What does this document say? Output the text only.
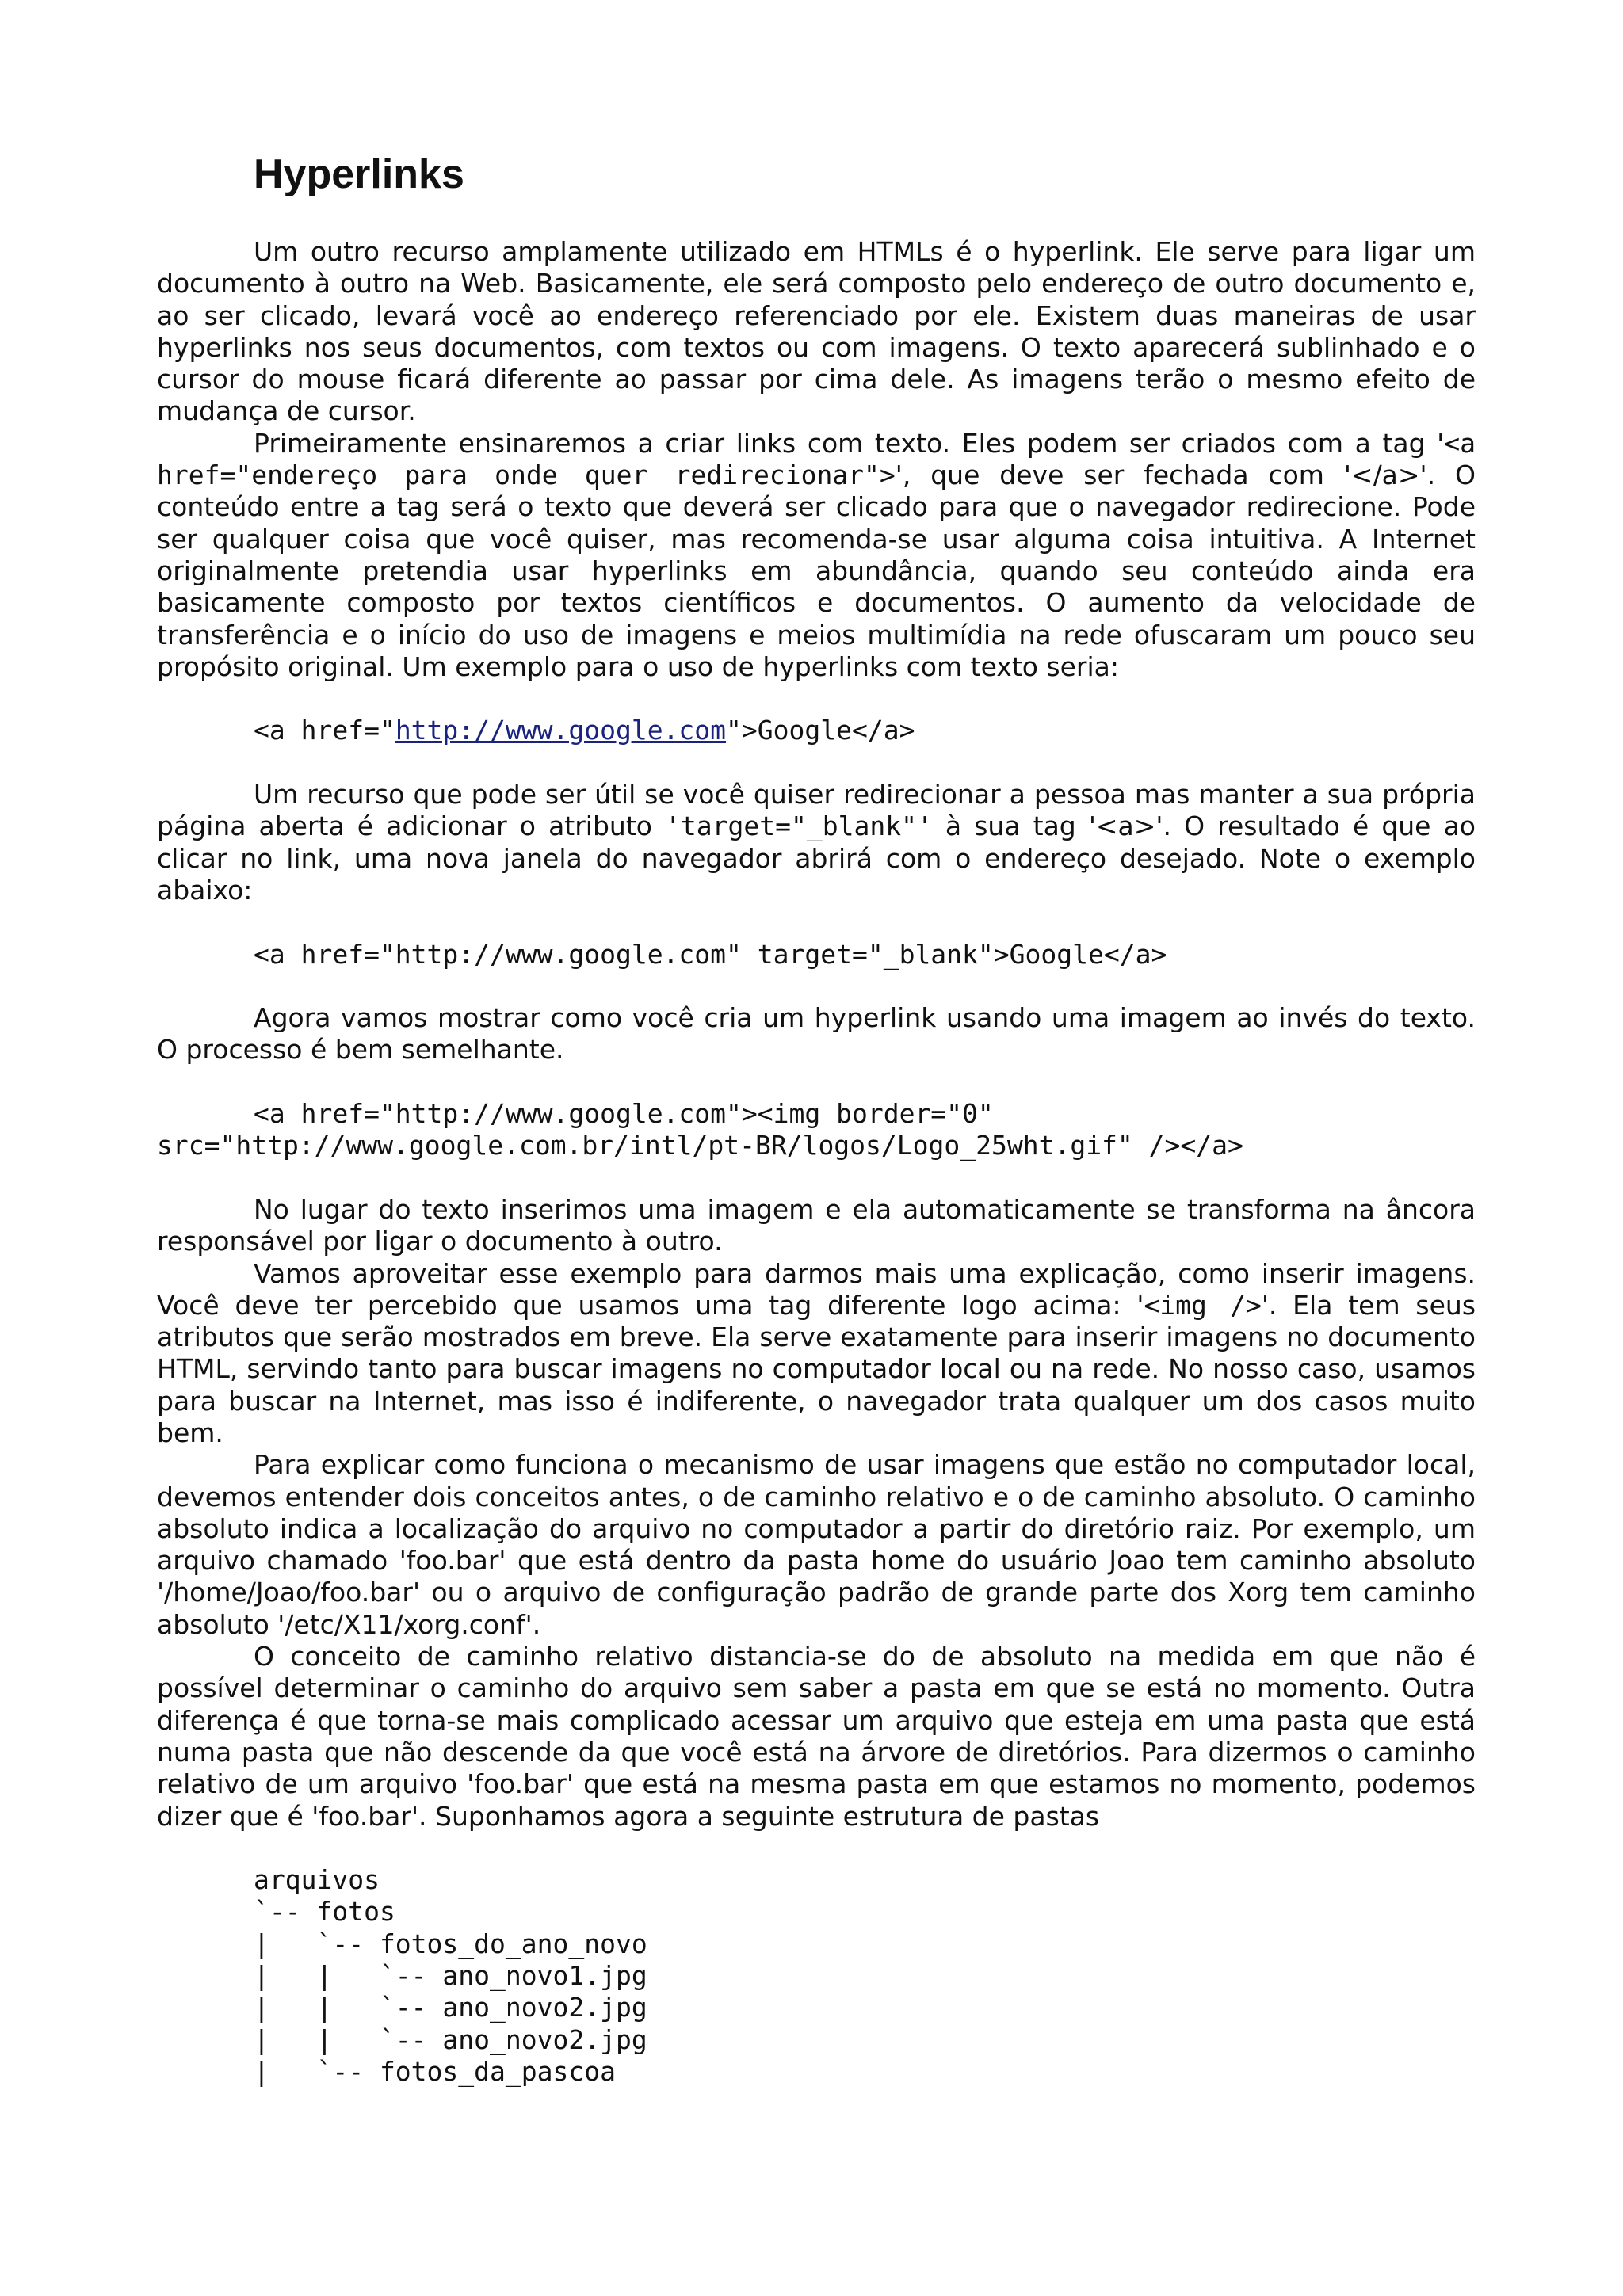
Hyperlinks

Um outro recurso amplamente utilizado em HTMLs é o hyperlink. Ele serve para ligar um documento à outro na Web. Basicamente, ele será composto pelo endereço de outro documento e, ao ser clicado, levará você ao endereço referenciado por ele. Existem duas maneiras de usar hyperlinks nos seus documentos, com textos ou com imagens. O texto aparecerá sublinhado e o cursor do mouse ficará diferente ao passar por cima dele. As imagens terão o mesmo efeito de mudança de cursor.

Primeiramente ensinaremos a criar links com texto. Eles podem ser criados com a tag '<a href="endereço para onde quer redirecionar">', que deve ser fechada com '</a>'. O conteúdo entre a tag será o texto que deverá ser clicado para que o navegador redirecione. Pode ser qualquer coisa que você quiser, mas recomenda-se usar alguma coisa intuitiva. A Internet originalmente pretendia usar hyperlinks em abundância, quando seu conteúdo ainda era basicamente composto por textos científicos e documentos. O aumento da velocidade de transferência e o início do uso de imagens e meios multimídia na rede ofuscaram um pouco seu propósito original. Um exemplo para o uso de hyperlinks com texto seria:

<a href="http://www.google.com">Google</a>

Um recurso que pode ser útil se você quiser redirecionar a pessoa mas manter a sua própria página aberta é adicionar o atributo 'target="_blank"' à sua tag '<a>'. O resultado é que ao clicar no link, uma nova janela do navegador abrirá com o endereço desejado. Note o exemplo abaixo:

<a href="http://www.google.com" target="_blank">Google</a>

Agora vamos mostrar como você cria um hyperlink usando uma imagem ao invés do texto. O processo é bem semelhante.

<a href="http://www.google.com"><img border="0"
src="http://www.google.com.br/intl/pt-BR/logos/Logo_25wht.gif" /></a>

No lugar do texto inserimos uma imagem e ela automaticamente se transforma na âncora responsável por ligar o documento à outro.

Vamos aproveitar esse exemplo para darmos mais uma explicação, como inserir imagens. Você deve ter percebido que usamos uma tag diferente logo acima: '<img />'. Ela tem seus atributos que serão mostrados em breve. Ela serve exatamente para inserir imagens no documento HTML, servindo tanto para buscar imagens no computador local ou na rede. No nosso caso, usamos para buscar na Internet, mas isso é indiferente, o navegador trata qualquer um dos casos muito bem.

Para explicar como funciona o mecanismo de usar imagens que estão no computador local, devemos entender dois conceitos antes, o de caminho relativo e o de caminho absoluto. O caminho absoluto indica a localização do arquivo no computador a partir do diretório raiz. Por exemplo, um arquivo chamado 'foo.bar' que está dentro da pasta home do usuário Joao tem caminho absoluto '/home/Joao/foo.bar' ou o arquivo de configuração padrão de grande parte dos Xorg tem caminho absoluto '/etc/X11/xorg.conf'.

O conceito de caminho relativo distancia-se do de absoluto na medida em que não é possível determinar o caminho do arquivo sem saber a pasta em que se está no momento. Outra diferença é que torna-se mais complicado acessar um arquivo que esteja em uma pasta que está numa pasta que não descende da que você está na árvore de diretórios. Para dizermos o caminho relativo de um arquivo 'foo.bar' que está na mesma pasta em que estamos no momento, podemos dizer que é 'foo.bar'. Suponhamos agora a seguinte estrutura de pastas

arquivos
`-- fotos
|   `-- fotos_do_ano_novo
|   |   `-- ano_novo1.jpg
|   |   `-- ano_novo2.jpg
|   |   `-- ano_novo2.jpg
|   `-- fotos_da_pascoa
